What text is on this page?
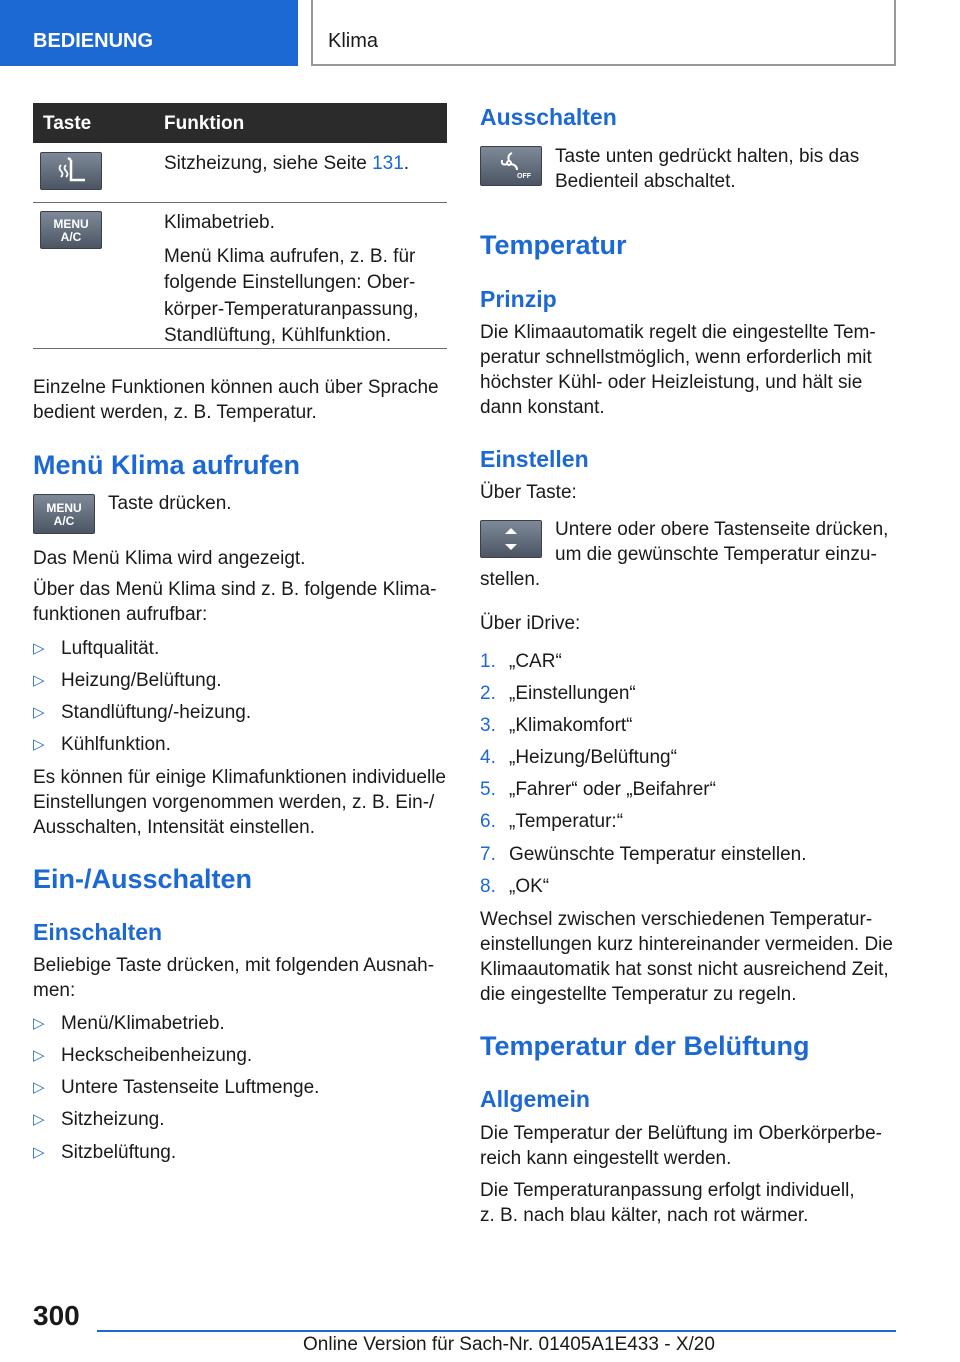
BEDIENUNG	Klima
Taste	Funktion
Sitzheizung, siehe Seite 131.
MENU
A/C
Klimabetrieb.
Menü Klima aufrufen, z. B. für
folgende Einstellungen: Ober-
körper-Temperaturanpassung,
Standlüftung, Kühlfunktion.
Einzelne Funktionen können auch über Sprache
bedient werden, z. B. Temperatur.
Menü Klima aufrufen
MENU
A/C
Taste drücken.
Das Menü Klima wird angezeigt.
Über das Menü Klima sind z. B. folgende Klima-
funktionen aufrufbar:
▷ Luftqualität.
▷ Heizung/Belüftung.
▷ Standlüftung/-heizung.
▷ Kühlfunktion.
Es können für einige Klimafunktionen individuelle
Einstellungen vorgenommen werden, z. B. Ein-/
Ausschalten, Intensität einstellen.
Ein-/Ausschalten
Einschalten
Beliebige Taste drücken, mit folgenden Ausnah-
men:
▷ Menü/Klimabetrieb.
▷ Heckscheibenheizung.
▷ Untere Tastenseite Luftmenge.
▷ Sitzheizung.
▷ Sitzbelüftung.
Ausschalten
OFF
Taste unten gedrückt halten, bis das
Bedienteil abschaltet.
Temperatur
Prinzip
Die Klimaautomatik regelt die eingestellte Tem-
peratur schnellstmöglich, wenn erforderlich mit
höchster Kühl- oder Heizleistung, und hält sie
dann konstant.
Einstellen
Über Taste:
Untere oder obere Tastenseite drücken,
um die gewünschte Temperatur einzu-
stellen.
Über iDrive:
1. „CAR“
2. „Einstellungen“
3. „Klimakomfort“
4. „Heizung/Belüftung“
5. „Fahrer“ oder „Beifahrer“
6. „Temperatur:“
7. Gewünschte Temperatur einstellen.
8. „OK“
Wechsel zwischen verschiedenen Temperatur-
einstellungen kurz hintereinander vermeiden. Die
Klimaautomatik hat sonst nicht ausreichend Zeit,
die eingestellte Temperatur zu regeln.
Temperatur der Belüftung
Allgemein
Die Temperatur der Belüftung im Oberkörperbe-
reich kann eingestellt werden.
Die Temperaturanpassung erfolgt individuell,
z. B. nach blau kälter, nach rot wärmer.
300
Online Version für Sach-Nr. 01405A1E433 - X/20
